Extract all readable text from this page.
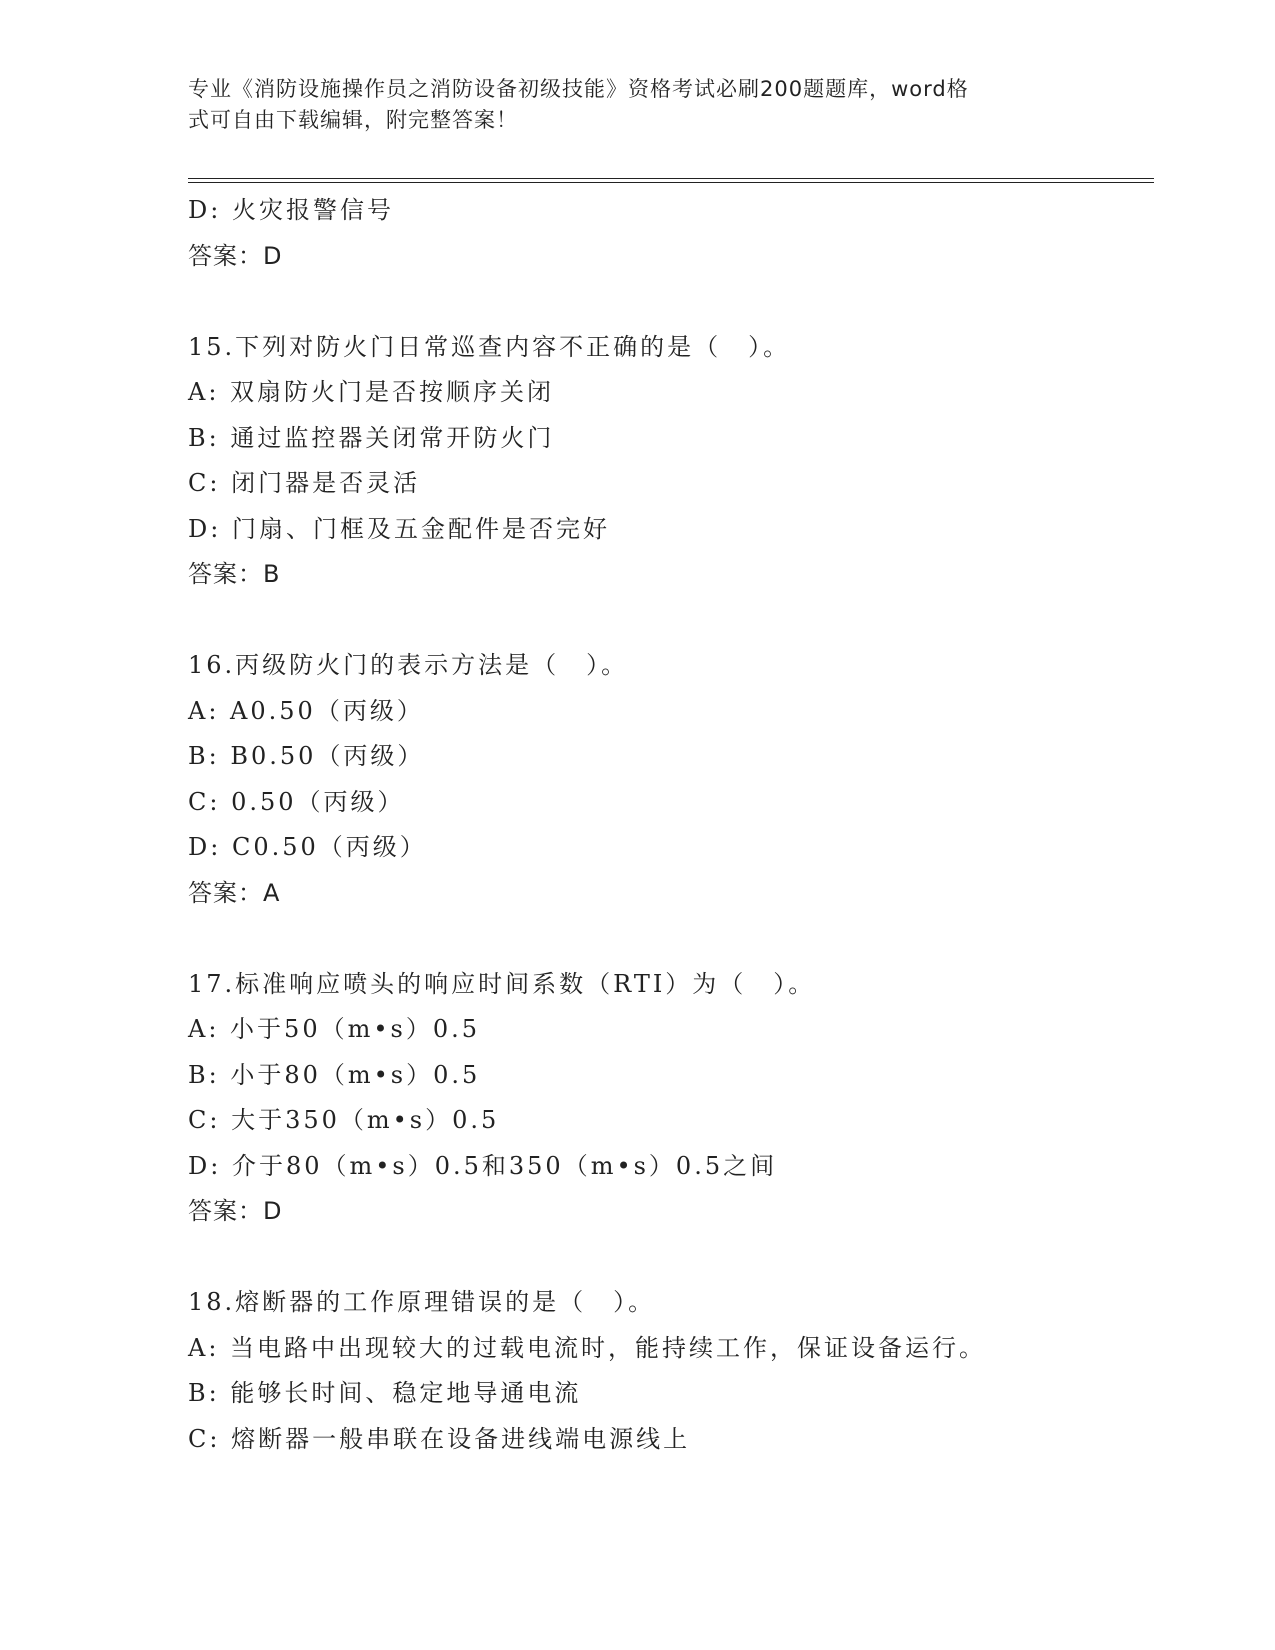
专业《消防设施操作员之消防设备初级技能》资格考试必刷200题题库，word格
式可自由下载编辑，附完整答案！
D: 火灾报警信号
答案：D
15.下列对防火门日常巡查内容不正确的是（　）。
A: 双扇防火门是否按顺序关闭
B: 通过监控器关闭常开防火门
C: 闭门器是否灵活
D: 门扇、门框及五金配件是否完好
答案：B
16.丙级防火门的表示方法是（　）。
A: A0.50（丙级）
B: B0.50（丙级）
C: 0.50（丙级）
D: C0.50（丙级）
答案：A
17.标准响应喷头的响应时间系数（RTI）为（　）。
A: 小于50（m•s）0.5
B: 小于80（m•s）0.5
C: 大于350（m•s）0.5
D: 介于80（m•s）0.5和350（m•s）0.5之间
答案：D
18.熔断器的工作原理错误的是（　）。
A: 当电路中出现较大的过载电流时，能持续工作，保证设备运行。
B: 能够长时间、稳定地导通电流
C: 熔断器一般串联在设备进线端电源线上
